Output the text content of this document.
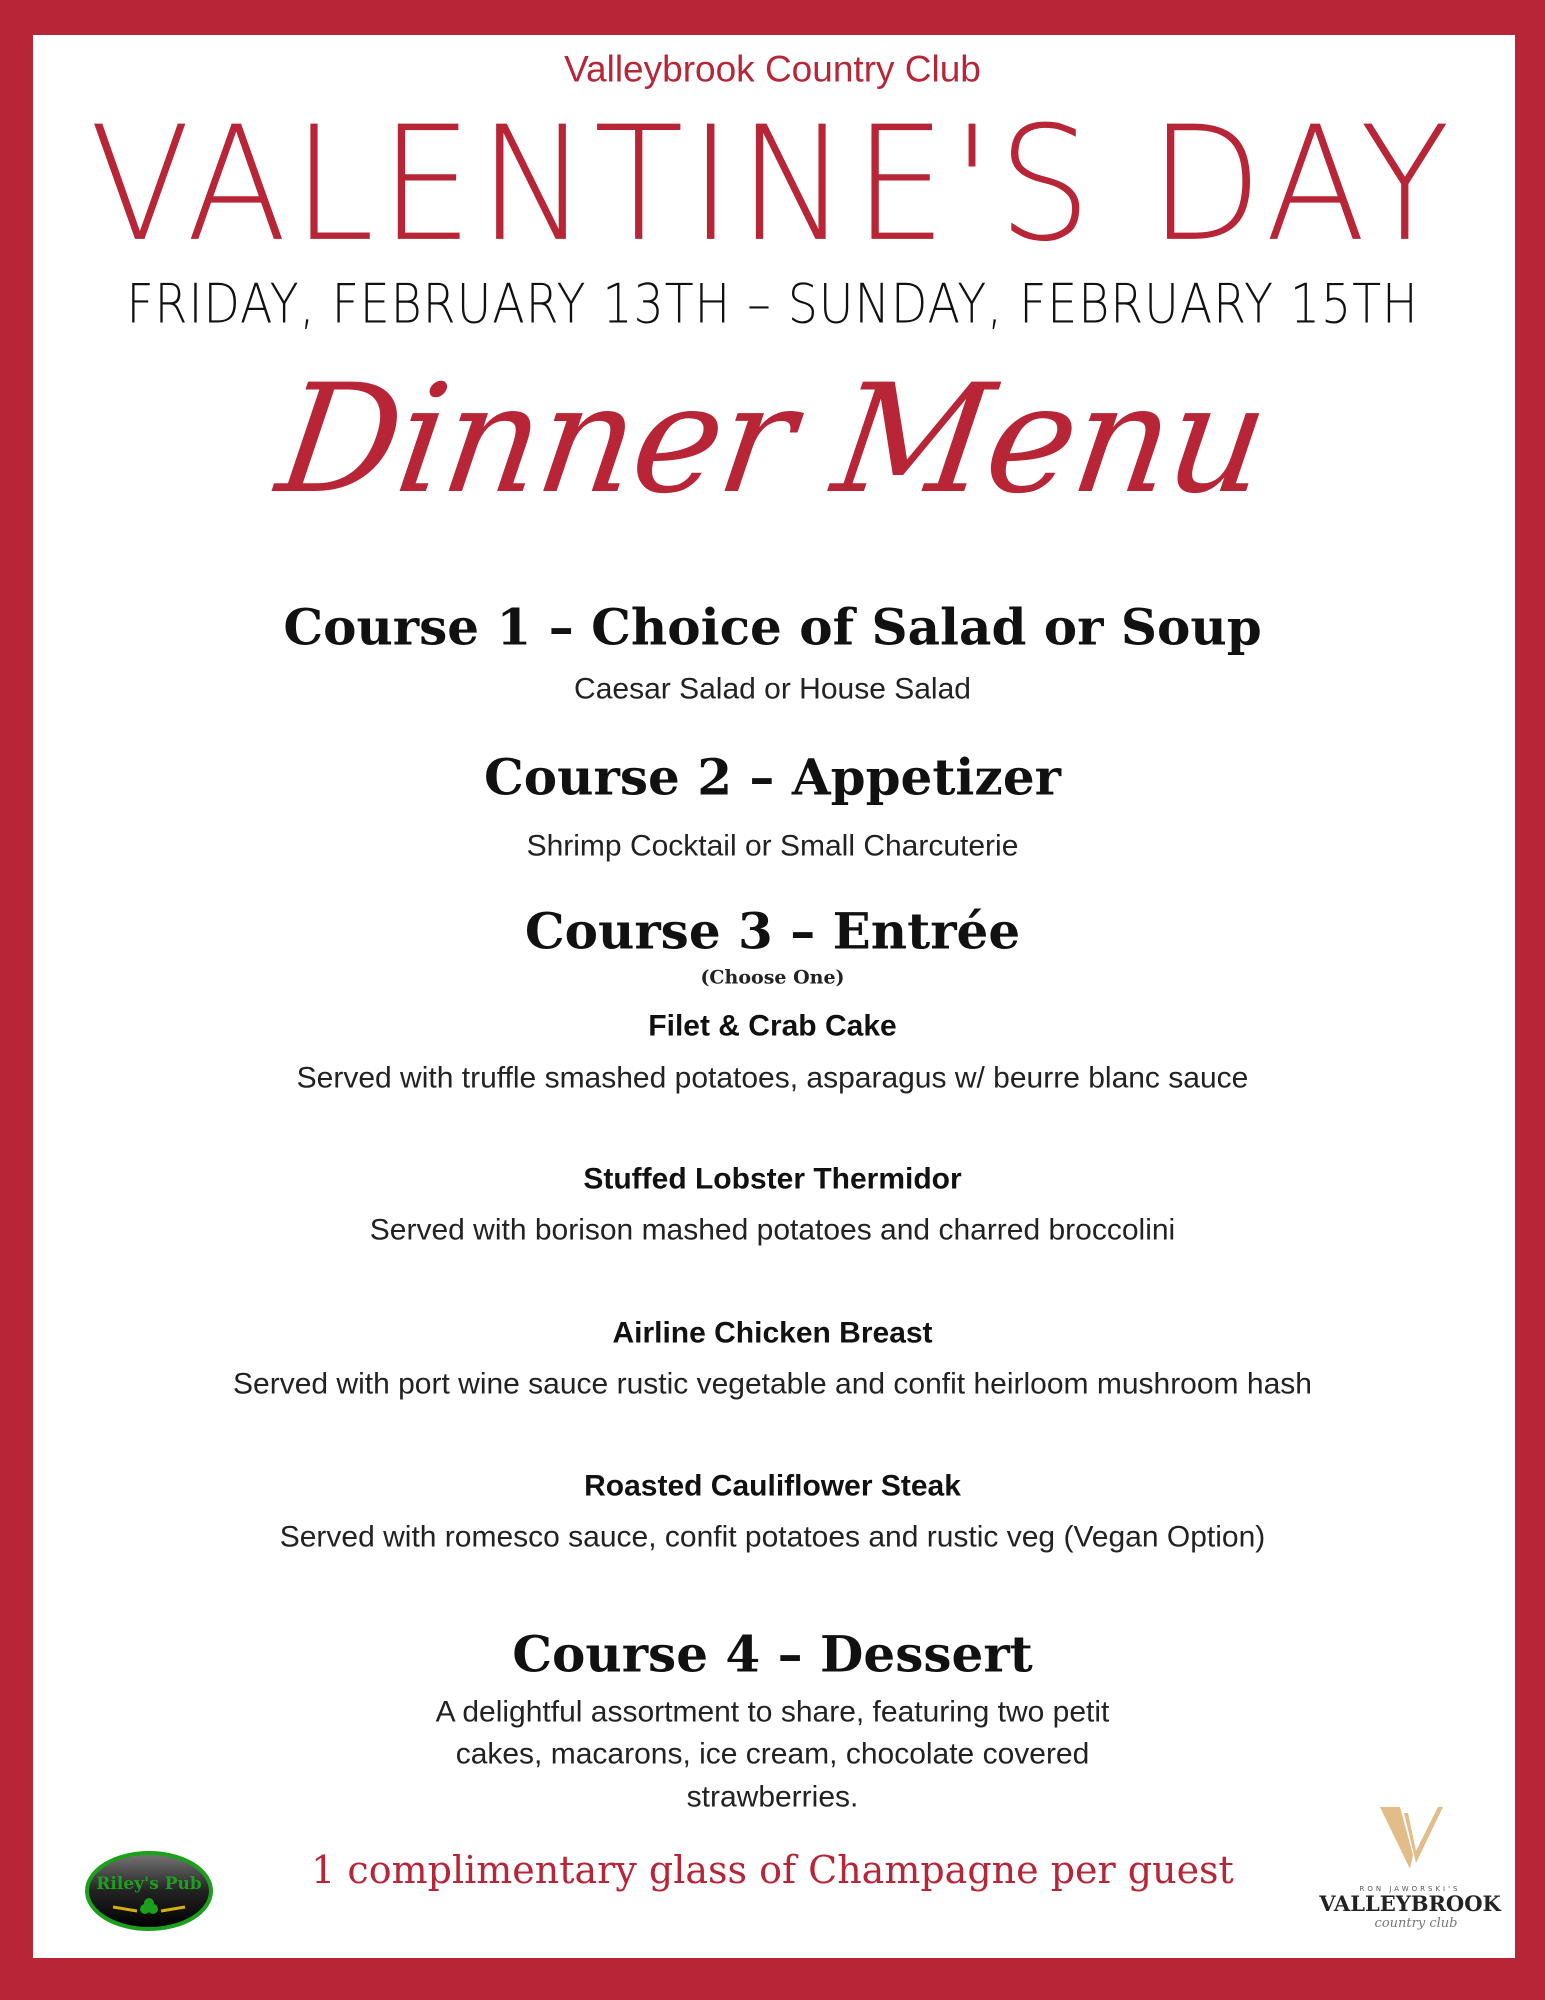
Valleybrook Country Club
VALENTINE'S DAY
FRIDAY, FEBRUARY 13TH – SUNDAY, FEBRUARY 15TH
Dinner Menu
Course 1 – Choice of Salad or Soup
Caesar Salad or House Salad
Course 2 – Appetizer
Shrimp Cocktail or Small Charcuterie
Course 3 – Entrée
(Choose One)
Filet & Crab Cake
Served with truffle smashed potatoes, asparagus w/ beurre blanc sauce
Stuffed Lobster Thermidor
Served with borison mashed potatoes and charred broccolini
Airline Chicken Breast
Served with port wine sauce rustic vegetable and confit heirloom mushroom hash
Roasted Cauliflower Steak
Served with romesco sauce, confit potatoes and rustic veg (Vegan Option)
Course 4 – Dessert
A delightful assortment to share, featuring two petit
cakes, macarons, ice cream, chocolate covered
strawberries.
1 complimentary glass of Champagne per guest
Riley's Pub	RON JAWORSKI'S
VALLEYBROOK
country club
